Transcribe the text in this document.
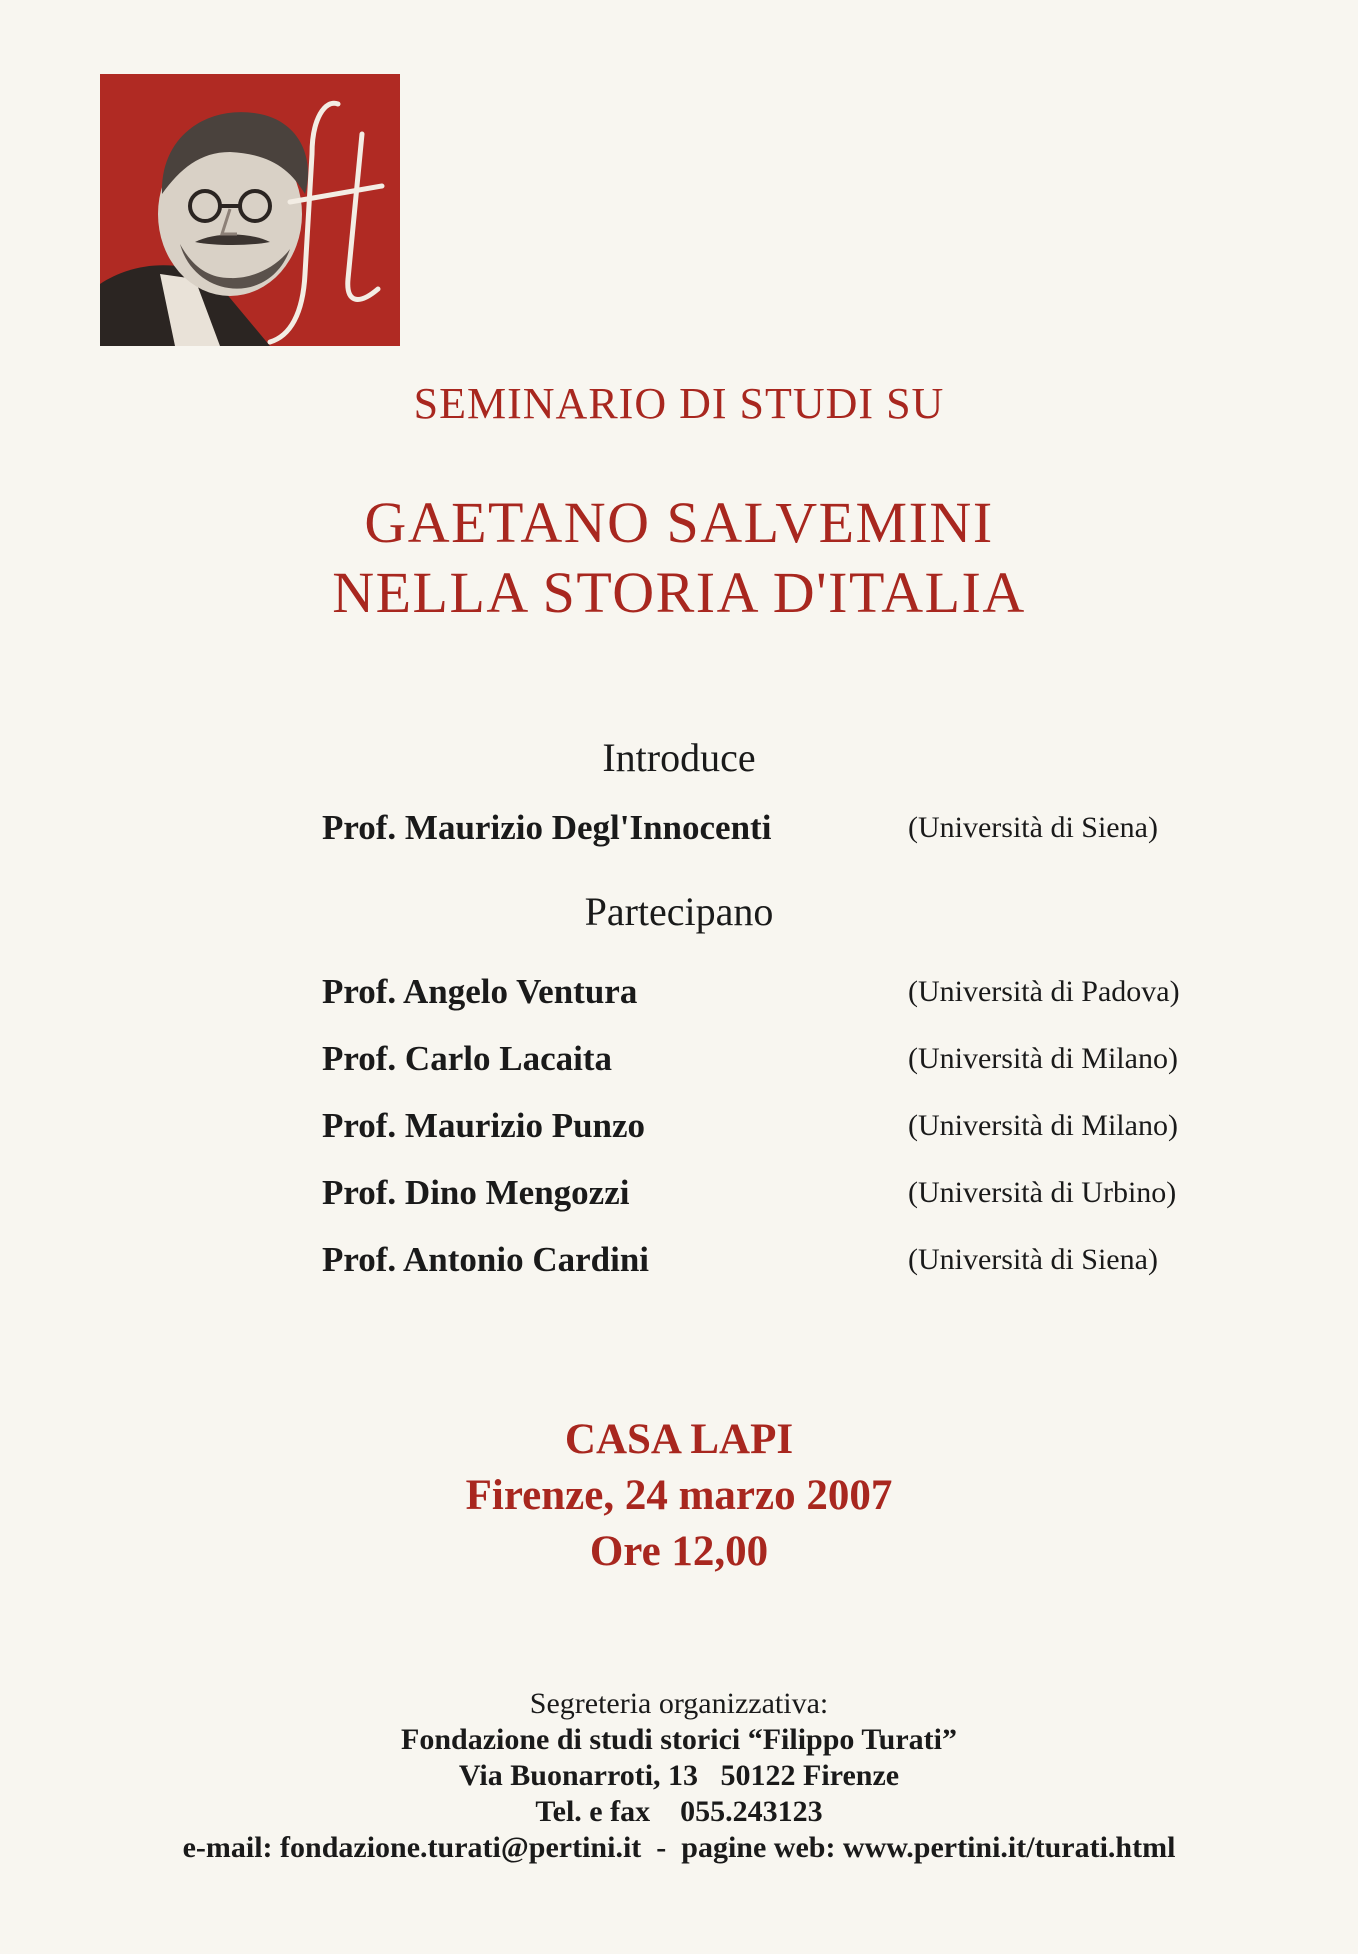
SEMINARIO DI STUDI SU
GAETANO SALVEMINI
NELLA STORIA D'ITALIA
Introduce
Prof. Maurizio Degl'Innocenti	(Università di Siena)
Partecipano
Prof. Angelo Ventura	(Università di Padova)
Prof. Carlo Lacaita	(Università di Milano)
Prof. Maurizio Punzo	(Università di Milano)
Prof. Dino Mengozzi	(Università di Urbino)
Prof. Antonio Cardini	(Università di Siena)
CASA LAPI
Firenze, 24 marzo 2007
Ore 12,00
Segreteria organizzativa:
Fondazione di studi storici “Filippo Turati”
Via Buonarroti, 13   50122 Firenze
Tel. e fax    055.243123
e-mail: fondazione.turati@pertini.it  -  pagine web: www.pertini.it/turati.html
